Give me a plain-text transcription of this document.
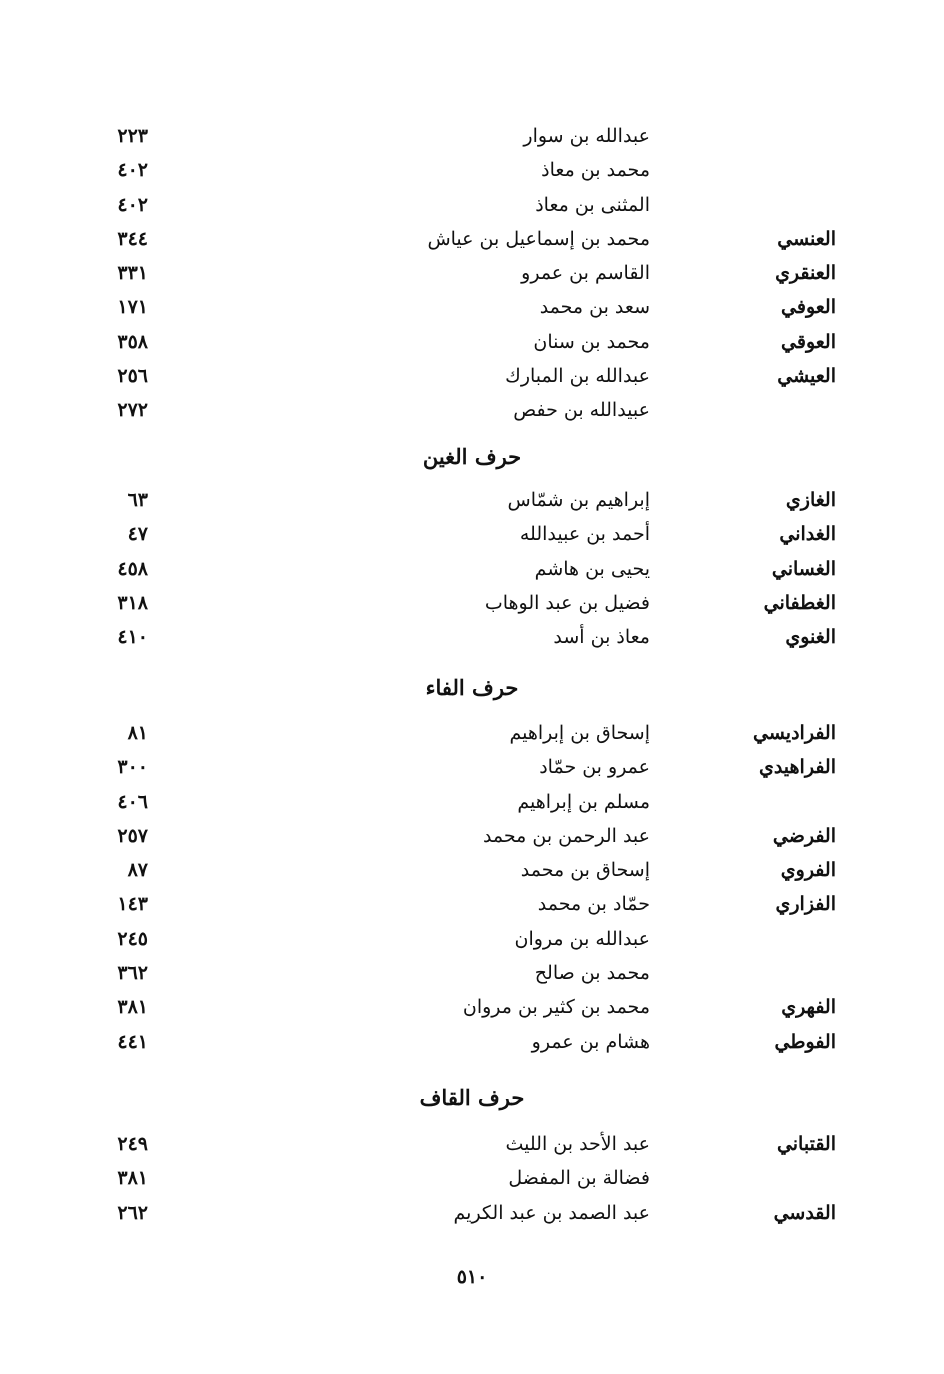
عبدالله بن سوار
٢٢٣
محمد بن معاذ
٤٠٢
المثنى بن معاذ
٤٠٢
العنسي
محمد بن إسماعيل بن عياش
٣٤٤
العنقري
القاسم بن عمرو
٣٣١
العوفي
سعد بن محمد
١٧١
العوقي
محمد بن سنان
٣٥٨
العيشي
عبدالله بن المبارك
٢٥٦
عبيدالله بن حفص
٢٧٢
حرف الغين
الغازي
إبراهيم بن شمّاس
٦٣
الغداني
أحمد بن عبيدالله
٤٧
الغساني
يحيى بن هاشم
٤٥٨
الغطفاني
فضيل بن عبد الوهاب
٣١٨
الغنوي
معاذ بن أسد
٤١٠
حرف الفاء
الفراديسي
إسحاق بن إبراهيم
٨١
الفراهيدي
عمرو بن حمّاد
٣٠٠
مسلم بن إبراهيم
٤٠٦
الفرضي
عبد الرحمن بن محمد
٢٥٧
الفروي
إسحاق بن محمد
٨٧
الفزاري
حمّاد بن محمد
١٤٣
عبدالله بن مروان
٢٤٥
محمد بن صالح
٣٦٢
الفهري
محمد بن كثير بن مروان
٣٨١
الفوطي
هشام بن عمرو
٤٤١
حرف القاف
القتباني
عبد الأحد بن الليث
٢٤٩
فضالة بن المفضل
٣٨١
القدسي
عبد الصمد بن عبد الكريم
٢٦٢
٥١٠
